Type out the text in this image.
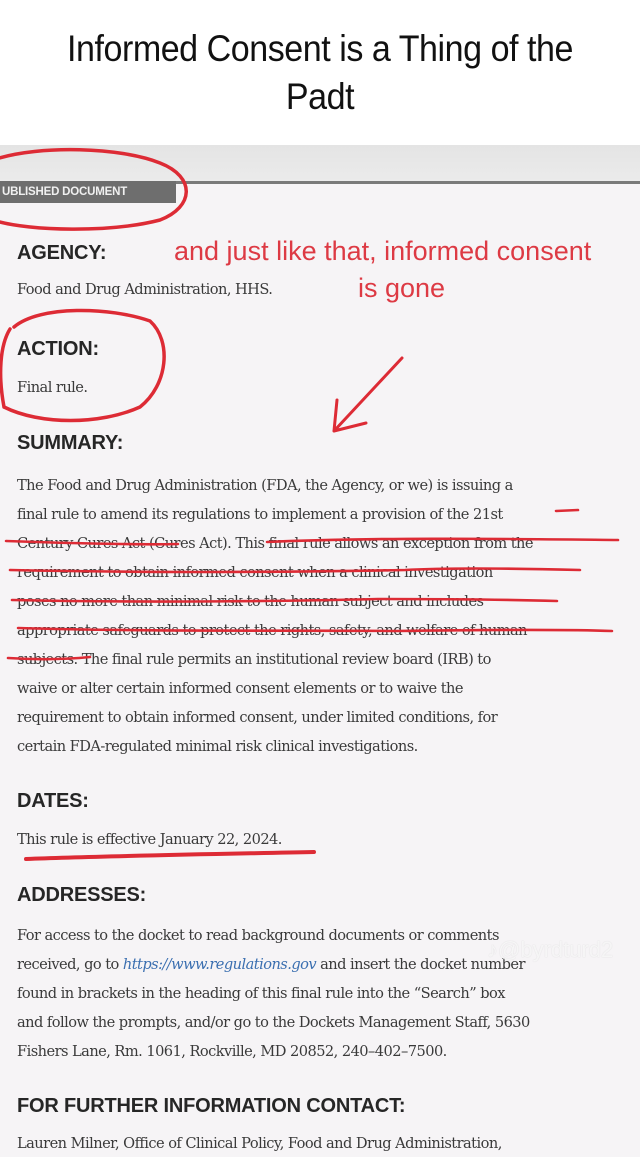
Informed Consent is a Thing of the Padt
UBLISHED DOCUMENT
AGENCY:
Food and Drug Administration, HHS.
ACTION:
Final rule.
SUMMARY:
The Food and Drug Administration (FDA, the Agency, or we) is issuing a
final rule to amend its regulations to implement a provision of the 21st
Century Cures Act (Cures Act). This final rule allows an exception from the
requirement to obtain informed consent when a clinical investigation
poses no more than minimal risk to the human subject and includes
appropriate safeguards to protect the rights, safety, and welfare of human
subjects. The final rule permits an institutional review board (IRB) to
waive or alter certain informed consent elements or to waive the
requirement to obtain informed consent, under limited conditions, for
certain FDA-regulated minimal risk clinical investigations.
DATES:
This rule is effective January 22, 2024.
ADDRESSES:
For access to the docket to read background documents or comments
received, go to https://www.regulations.gov and insert the docket number
found in brackets in the heading of this final rule into the “Search” box
and follow the prompts, and/or go to the Dockets Management Staff, 5630
Fishers Lane, Rm. 1061, Rockville, MD 20852, 240–402–7500.
FOR FURTHER INFORMATION CONTACT:
Lauren Milner, Office of Clinical Policy, Food and Drug Administration,
♪@byrdturd2
and just like that, informed consent
is gone
